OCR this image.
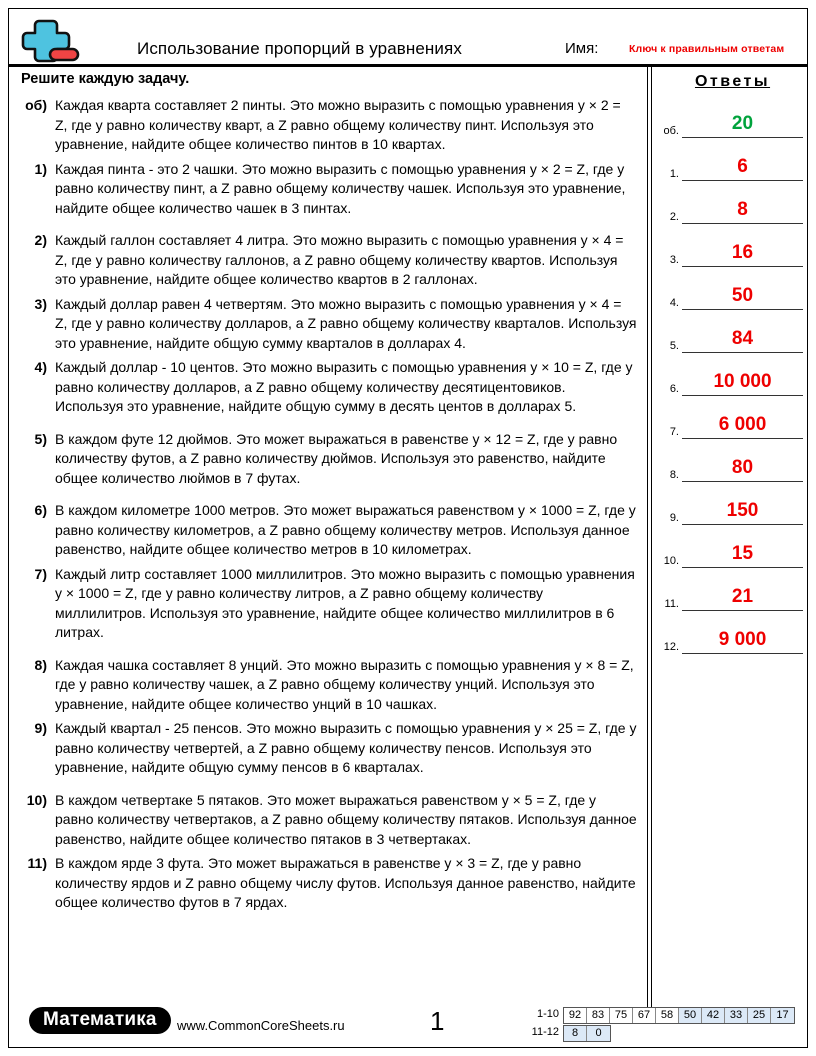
Использование пропорций в уравнениях	Имя:	Ключ к правильным ответам
Решите каждую задачу.
об) Каждая кварта составляет 2 пинты. Это можно выразить с помощью уравнения y × 2 = Z, где y равно количеству кварт, а Z равно общему количеству пинт. Используя это уравнение, найдите общее количество пинтов в 10 квартах.
1) Каждая пинта - это 2 чашки. Это можно выразить с помощью уравнения y × 2 = Z, где y равно количеству пинт, а Z равно общему количеству чашек. Используя это уравнение, найдите общее количество чашек в 3 пинтах.
2) Каждый галлон составляет 4 литра. Это можно выразить с помощью уравнения y × 4 = Z, где y равно количеству галлонов, а Z равно общему количеству квартов. Используя это уравнение, найдите общее количество квартов в 2 галлонах.
3) Каждый доллар равен 4 четвертям. Это можно выразить с помощью уравнения y × 4 = Z, где y равно количеству долларов, а Z равно общему количеству кварталов. Используя это уравнение, найдите общую сумму кварталов в долларах 4.
4) Каждый доллар - 10 центов. Это можно выразить с помощью уравнения y × 10 = Z, где y равно количеству долларов, а Z равно общему количеству десятицентовиков. Используя это уравнение, найдите общую сумму в десять центов в долларах 5.
5) В каждом футе 12 дюймов. Это может выражаться в равенстве y × 12 = Z, где y равно количеству футов, а Z равно количеству дюймов. Используя это равенство, найдите общее количество люймов в 7 футах.
6) В каждом километре 1000 метров. Это может выражаться равенством y × 1000 = Z, где y равно количеству километров, а Z равно общему количеству метров. Используя данное равенство, найдите общее количество метров в 10 километрах.
7) Каждый литр составляет 1000 миллилитров. Это можно выразить с помощью уравнения y × 1000 = Z, где y равно количеству литров, а Z равно общему количеству миллилитров. Используя это уравнение, найдите общее количество миллилитров в 6 литрах.
8) Каждая чашка составляет 8 унций. Это можно выразить с помощью уравнения y × 8 = Z, где y равно количеству чашек, а Z равно общему количеству унций. Используя это уравнение, найдите общее количество унций в 10 чашках.
9) Каждый квартал - 25 пенсов. Это можно выразить с помощью уравнения y × 25 = Z, где y равно количеству четвертей, а Z равно общему количеству пенсов. Используя это уравнение, найдите общую сумму пенсов в 6 кварталах.
10) В каждом четвертаке 5 пятаков. Это может выражаться равенством y × 5 = Z, где y равно количеству четвертаков, а Z равно общему количеству пятаков. Используя данное равенство, найдите общее количество пятаков в 3 четвертаках.
11) В каждом ярде 3 фута. Это может выражаться в равенстве y × 3 = Z, где y равно количеству ярдов и Z равно общему числу футов. Используя данное равенство, найдите общее количество футов в 7 ярдах.
Ответы
об.	20
1.	6
2.	8
3.	16
4.	50
5.	84
6.	10 000
7.	6 000
8.	80
9.	150
10.	15
11.	21
12.	9 000
Математика	www.CommonCoreSheets.ru	1	1-10 92 83 75 67 58 50 42 33 25	17
11-12	8	0
